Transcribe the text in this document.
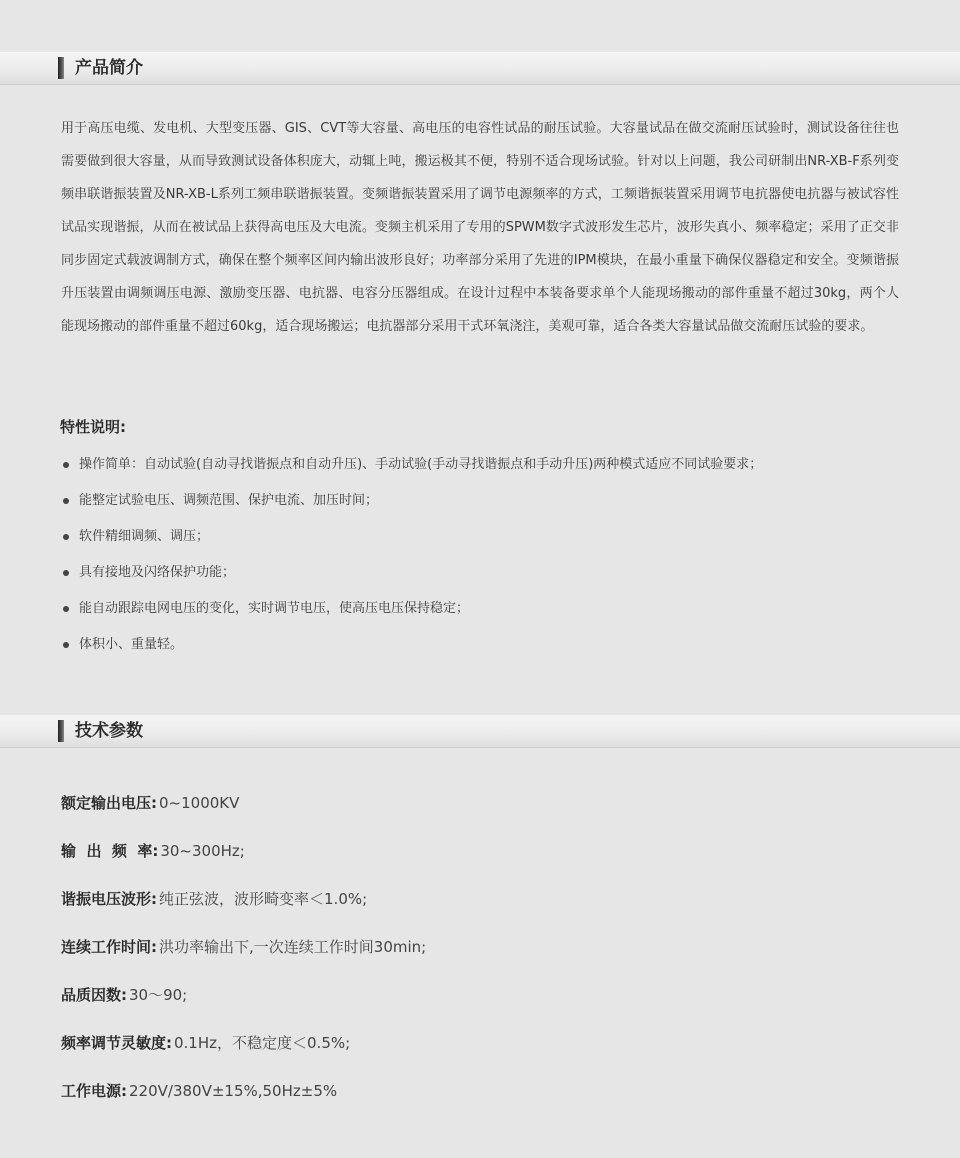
产品简介
用于高压电缆、发电机、大型变压器、GIS、CVT等大容量、高电压的电容性试品的耐压试验。大容量试品在做交流耐压试验时，测试设备往往也需要做到很大容量，从而导致测试设备体积庞大，动辄上吨，搬运极其不便，特别不适合现场试验。针对以上问题，我公司研制出NR-XB-F系列变频串联谐振装置及NR-XB-L系列工频串联谐振装置。变频谐振装置采用了调节电源频率的方式，工频谐振装置采用调节电抗器使电抗器与被试容性试品实现谐振，从而在被试品上获得高电压及大电流。变频主机采用了专用的SPWM数字式波形发生芯片，波形失真小、频率稳定；采用了正交非同步固定式载波调制方式，确保在整个频率区间内输出波形良好；功率部分采用了先进的IPM模块，在最小重量下确保仪器稳定和安全。变频谐振升压装置由调频调压电源、激励变压器、电抗器、电容分压器组成。在设计过程中本装备要求单个人能现场搬动的部件重量不超过30kg，两个人能现场搬动的部件重量不超过60kg，适合现场搬运；电抗器部分采用干式环氧浇注，美观可靠，适合各类大容量试品做交流耐压试验的要求。
特性说明:
操作简单：自动试验(自动寻找谐振点和自动升压)、手动试验(手动寻找谐振点和手动升压)两种模式适应不同试验要求；
能整定试验电压、调频范围、保护电流、加压时间；
软件精细调频、调压；
具有接地及闪络保护功能；
能自动跟踪电网电压的变化，实时调节电压，使高压电压保持稳定；
体积小、重量轻。
技术参数
额定输出电压: 0~1000KV
输  出  频  率: 30~300Hz;
谐振电压波形: 纯正弦波，波形畸变率＜1.0%;
连续工作时间: 洪功率输出下,一次连续工作时间30min;
品质因数: 30～90;
频率调节灵敏度: 0.1Hz，不稳定度＜0.5%;
工作电源: 220V/380V±15%,50Hz±5%
